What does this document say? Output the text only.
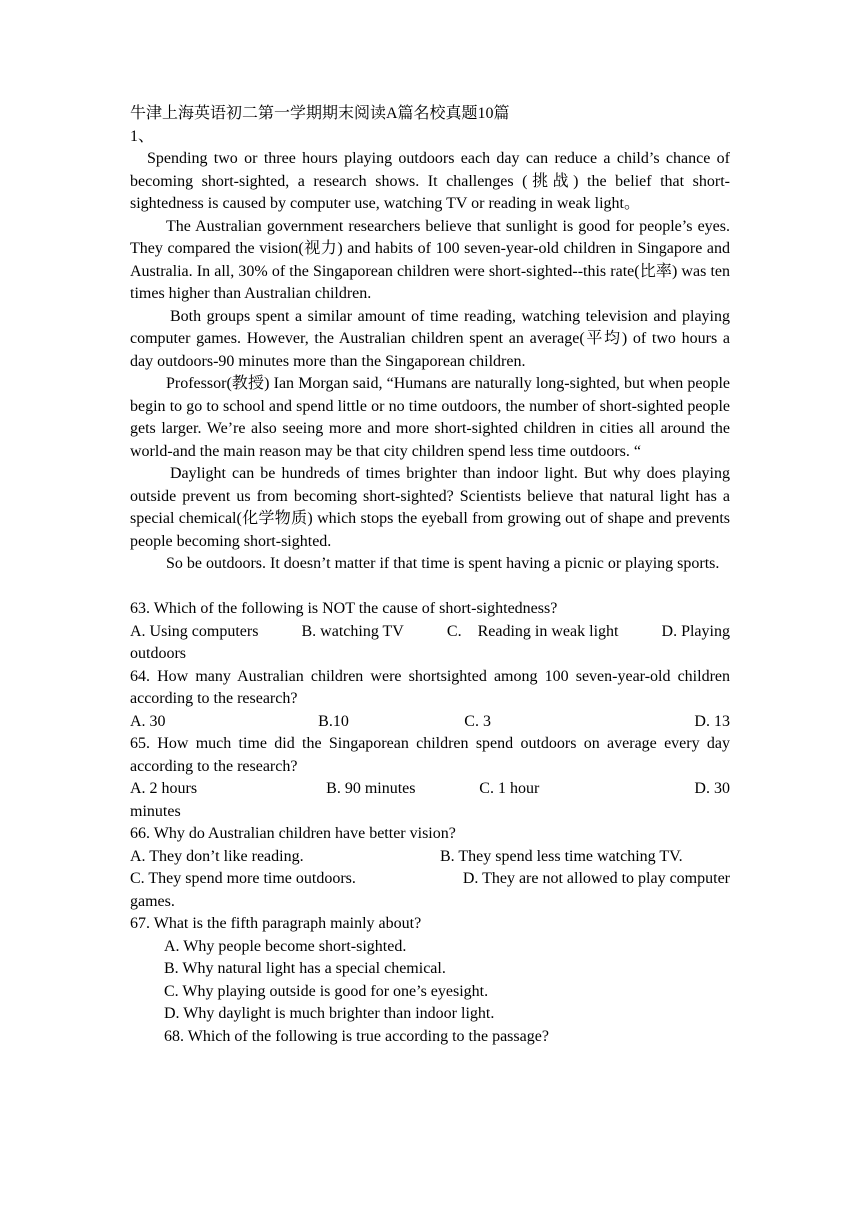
牛津上海英语初二第一学期期末阅读A篇名校真题10篇
1、

Spending two or three hours playing outdoors each day can reduce a child’s chance of becoming short-sighted, a research shows. It challenges (挑战) the belief that short-sightedness is caused by computer use, watching TV or reading in weak light。

The Australian government researchers believe that sunlight is good for people’s eyes. They compared the vision(视力) and habits of 100 seven-year-old children in Singapore and Australia. In all, 30% of the Singaporean children were short-sighted--this rate(比率) was ten times higher than Australian children.

Both groups spent a similar amount of time reading, watching television and playing computer games. However, the Australian children spent an average(平均) of two hours a day outdoors-90 minutes more than the Singaporean children.

Professor(教授) Ian Morgan said, “Humans are naturally long-sighted, but when people begin to go to school and spend little or no time outdoors, the number of short-sighted people gets larger. We’re also seeing more and more short-sighted children in cities all around the world-and the main reason may be that city children spend less time outdoors. “

Daylight can be hundreds of times brighter than indoor light. But why does playing outside prevent us from becoming short-sighted? Scientists believe that natural light has a special chemical(化学物质) which stops the eyeball from growing out of shape and prevents people becoming short-sighted.

So be outdoors. It doesn’t matter if that time is spent having a picnic or playing sports.

63. Which of the following is NOT the cause of short-sightedness?
A. Using computers	B. watching TV	C.    Reading in weak light	D. Playing
outdoors
64. How many Australian children were shortsighted among 100 seven-year-old children according to the research?
A. 30	B.10	C. 3	D. 13
65. How much time did the Singaporean children spend outdoors on average every day according to the research?
A. 2 hours	B. 90 minutes	C. 1 hour	D. 30
minutes
66. Why do Australian children have better vision?
A. They don’t like reading.	B. They spend less time watching TV.
C. They spend more time outdoors.	D. They are not allowed to play computer
games.
67. What is the fifth paragraph mainly about?
A. Why people become short-sighted.
B. Why natural light has a special chemical.
C. Why playing outside is good for one’s eyesight.
D. Why daylight is much brighter than indoor light.
68. Which of the following is true according to the passage?
